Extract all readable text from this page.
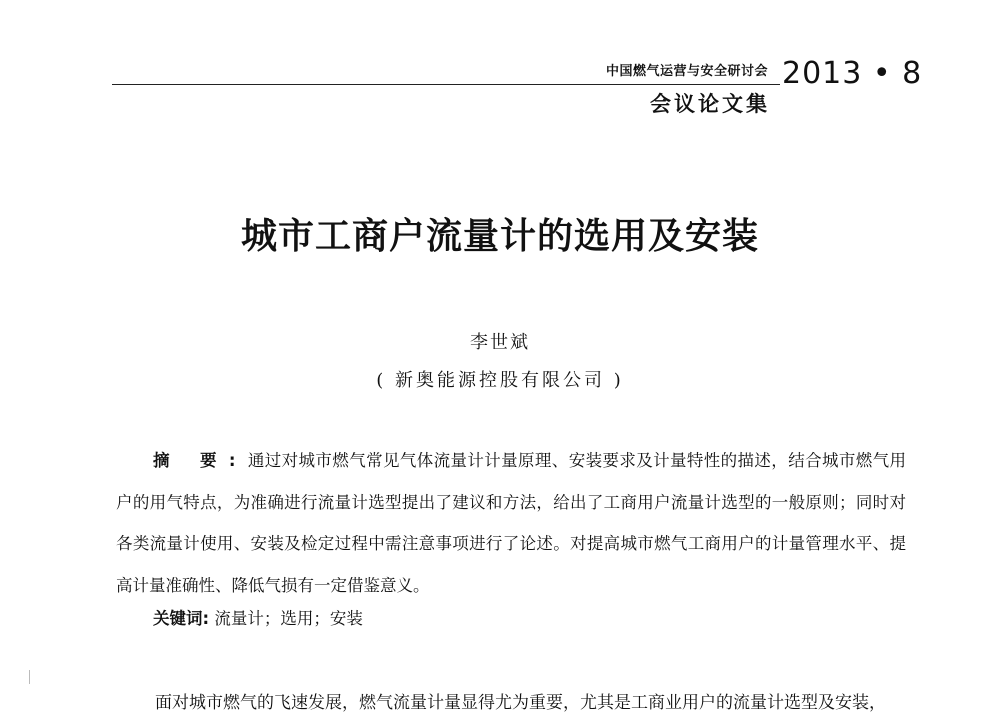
中国燃气运营与安全研讨会
会议论文集
2013 • 8
城市工商户流量计的选用及安装
李世斌
( 新奥能源控股有限公司 )

摘 要:通过对城市燃气常见气体流量计计量原理、安装要求及计量特性的描述，结合城市燃气用户的用气特点，为准确进行流量计选型提出了建议和方法，给出了工商用户流量计选型的一般原则；同时对各类流量计使用、安装及检定过程中需注意事项进行了论述。对提高城市燃气工商用户的计量管理水平、提高计量准确性、降低气损有一定借鉴意义。

关键词: 流量计；选用；安装
面对城市燃气的飞速发展，燃气流量计量显得尤为重要，尤其是工商业用户的流量计选型及安装，
